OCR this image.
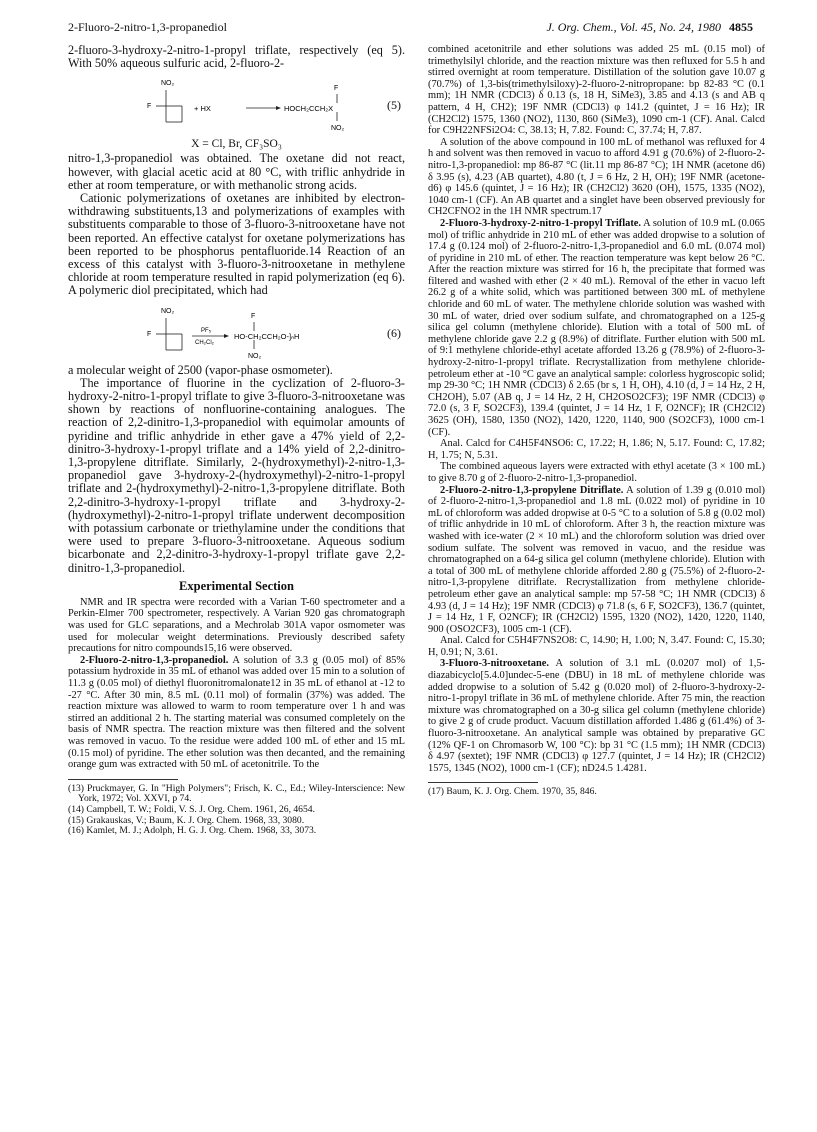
2-Fluoro-2-nitro-1,3-propanediol	J. Org. Chem., Vol. 45, No. 24, 1980 4855

2-fluoro-3-hydroxy-2-nitro-1-propyl triflate, respectively (eq 5). With 50% aqueous sulfuric acid, 2-fluoro-2-

NO₂
F	+ HX	HOCH₂CCH₂X
F
NO₂
(5)
X = Cl, Br, CF₃SO₃

nitro-1,3-propanediol was obtained. The oxetane did not react, however, with glacial acetic acid at 80 °C, with triflic anhydride in ether at room temperature, or with methanolic strong acids.

Cationic polymerizations of oxetanes are inhibited by electron-withdrawing substituents,13 and polymerizations of examples with substituents comparable to those of 3-fluoro-3-nitrooxetane have not been reported. An effective catalyst for oxetane polymerizations has been reported to be phosphorus pentafluoride.14 Reaction of an excess of this catalyst with 3-fluoro-3-nitrooxetane in methylene chloride at room temperature resulted in rapid polymerization (eq 6). A polymeric diol precipitated, which had

NO₂
F	PF₅
CH₂Cl₂
HO-CH₂CCH₂O-]ₙH
F
NO₂
(6)

a molecular weight of 2500 (vapor-phase osmometer).

The importance of fluorine in the cyclization of 2-fluoro-3-hydroxy-2-nitro-1-propyl triflate to give 3-fluoro-3-nitrooxetane was shown by reactions of nonfluorine-containing analogues. The reaction of 2,2-dinitro-1,3-propanediol with equimolar amounts of pyridine and triflic anhydride in ether gave a 47% yield of 2,2-dinitro-3-hydroxy-1-propyl triflate and a 14% yield of 2,2-dinitro-1,3-propylene ditriflate. Similarly, 2-(hydroxymethyl)-2-nitro-1,3-propanediol gave 3-hydroxy-2-(hydroxymethyl)-2-nitro-1-propyl triflate and 2-(hydroxymethyl)-2-nitro-1,3-propylene ditriflate. Both 2,2-dinitro-3-hydroxy-1-propyl triflate and 3-hydroxy-2-(hydroxymethyl)-2-nitro-1-propyl triflate underwent decomposition with potassium carbonate or triethylamine under the conditions that were used to prepare 3-fluoro-3-nitrooxetane. Aqueous sodium bicarbonate and 2,2-dinitro-3-hydroxy-1-propyl triflate gave 2,2-dinitro-1,3-propanediol.

Experimental Section

NMR and IR spectra were recorded with a Varian T-60 spectrometer and a Perkin-Elmer 700 spectrometer, respectively. A Varian 920 gas chromatograph was used for GLC separations, and a Mechrolab 301A vapor osmometer was used for molecular weight determinations. Previously described safety precautions for nitro compounds15,16 were observed.

2-Fluoro-2-nitro-1,3-propanediol. A solution of 3.3 g (0.05 mol) of 85% potassium hydroxide in 35 mL of ethanol was added over 15 min to a solution of 11.3 g (0.05 mol) of diethyl fluoronitromalonate12 in 35 mL of ethanol at -12 to -27 °C. After 30 min, 8.5 mL (0.11 mol) of formalin (37%) was added. The reaction mixture was allowed to warm to room temperature over 1 h and was stirred an additional 2 h. The starting material was consumed completely on the basis of NMR spectra. The reaction mixture was then filtered and the solvent was removed in vacuo. To the residue were added 100 mL of ether and 15 mL (0.15 mol) of pyridine. The ether solution was then decanted, and the remaining orange gum was extracted with 50 mL of acetonitrile. To the

(13) Pruckmayer, G. In "High Polymers"; Frisch, K. C., Ed.; Wiley-Interscience: New York, 1972; Vol. XXVI, p 74.

(14) Campbell, T. W.; Foldi, V. S. J. Org. Chem. 1961, 26, 4654.

(15) Grakauskas, V.; Baum, K. J. Org. Chem. 1968, 33, 3080.

(16) Kamlet, M. J.; Adolph, H. G. J. Org. Chem. 1968, 33, 3073.

combined acetonitrile and ether solutions was added 25 mL (0.15 mol) of trimethylsilyl chloride, and the reaction mixture was then refluxed for 5.5 h and stirred overnight at room temperature. Distillation of the solution gave 10.07 g (70.7%) of 1,3-bis(trimethylsiloxy)-2-fluoro-2-nitropropane: bp 82-83 °C (0.1 mm); 1H NMR (CDCl3) δ 0.13 (s, 18 H, SiMe3), 3.85 and 4.13 (s and AB q pattern, 4 H, CH2); 19F NMR (CDCl3) φ 141.2 (quintet, J = 16 Hz); IR (CH2Cl2) 1575, 1360 (NO2), 1130, 860 (SiMe3), 1090 cm-1 (CF). Anal. Calcd for C9H22NFSi2O4: C, 38.13; H, 7.82. Found: C, 37.74; H, 7.87.

A solution of the above compound in 100 mL of methanol was refluxed for 4 h and solvent was then removed in vacuo to afford 4.91 g (70.6%) of 2-fluoro-2-nitro-1,3-propanediol: mp 86-87 °C (lit.11 mp 86-87 °C); 1H NMR (acetone d6) δ 3.95 (s), 4.23 (AB quartet), 4.80 (t, J = 6 Hz, 2 H, OH); 19F NMR (acetone-d6) φ 145.6 (quintet, J = 16 Hz); IR (CH2Cl2) 3620 (OH), 1575, 1335 (NO2), 1040 cm-1 (CF). An AB quartet and a singlet have been observed previously for CH2CFNO2 in the 1H NMR spectrum.17

2-Fluoro-3-hydroxy-2-nitro-1-propyl Triflate. A solution of 10.9 mL (0.065 mol) of triflic anhydride in 210 mL of ether was added dropwise to a solution of 17.4 g (0.124 mol) of 2-fluoro-2-nitro-1,3-propanediol and 6.0 mL (0.074 mol) of pyridine in 210 mL of ether. The reaction temperature was kept below 26 °C. After the reaction mixture was stirred for 16 h, the precipitate that formed was filtered and washed with ether (2 × 40 mL). Removal of the ether in vacuo left 26.2 g of a white solid, which was partitioned between 300 mL of methylene chloride and 60 mL of water. The methylene chloride solution was washed with 30 mL of water, dried over sodium sulfate, and chromatographed on a 125-g silica gel column (methylene chloride). Elution with a total of 500 mL of methylene chloride gave 2.2 g (8.9%) of ditriflate. Further elution with 500 mL of 9:1 methylene chloride-ethyl acetate afforded 13.26 g (78.9%) of 2-fluoro-3-hydroxy-2-nitro-1-propyl triflate. Recrystallization from methylene chloride-petroleum ether at -10 °C gave an analytical sample: colorless hygroscopic solid; mp 29-30 °C; 1H NMR (CDCl3) δ 2.65 (br s, 1 H, OH), 4.10 (d, J = 14 Hz, 2 H, CH2OH), 5.07 (AB q, J = 14 Hz, 2 H, CH2OSO2CF3); 19F NMR (CDCl3) φ 72.0 (s, 3 F, SO2CF3), 139.4 (quintet, J = 14 Hz, 1 F, O2NCF); IR (CH2Cl2) 3625 (OH), 1580, 1350 (NO2), 1420, 1220, 1140, 900 (SO2CF3), 1000 cm-1 (CF).

Anal. Calcd for C4H5F4NSO6: C, 17.22; H, 1.86; N, 5.17. Found: C, 17.82; H, 1.75; N, 5.31.

The combined aqueous layers were extracted with ethyl acetate (3 × 100 mL) to give 8.70 g of 2-fluoro-2-nitro-1,3-propanediol.

2-Fluoro-2-nitro-1,3-propylene Ditriflate. A solution of 1.39 g (0.010 mol) of 2-fluoro-2-nitro-1,3-propanediol and 1.8 mL (0.022 mol) of pyridine in 10 mL of chloroform was added dropwise at 0-5 °C to a solution of 5.8 g (0.02 mol) of triflic anhydride in 10 mL of chloroform. After 3 h, the reaction mixture was washed with ice-water (2 × 10 mL) and the chloroform solution was dried over sodium sulfate. The solvent was removed in vacuo, and the residue was chromatographed on a 64-g silica gel column (methylene chloride). Elution with a total of 300 mL of methylene chloride afforded 2.80 g (75.5%) of 2-fluoro-2-nitro-1,3-propylene ditriflate. Recrystallization from methylene chloride-petroleum ether gave an analytical sample: mp 57-58 °C; 1H NMR (CDCl3) δ 4.93 (d, J = 14 Hz); 19F NMR (CDCl3) φ 71.8 (s, 6 F, SO2CF3), 136.7 (quintet, J = 14 Hz, 1 F, O2NCF); IR (CH2Cl2) 1595, 1320 (NO2), 1420, 1220, 1140, 900 (OSO2CF3), 1005 cm-1 (CF).

Anal. Calcd for C5H4F7NS2O8: C, 14.90; H, 1.00; N, 3.47. Found: C, 15.30; H, 0.91; N, 3.61.

3-Fluoro-3-nitrooxetane. A solution of 3.1 mL (0.0207 mol) of 1,5-diazabicyclo[5.4.0]undec-5-ene (DBU) in 18 mL of methylene chloride was added dropwise to a solution of 5.42 g (0.020 mol) of 2-fluoro-3-hydroxy-2-nitro-1-propyl triflate in 36 mL of methylene chloride. After 75 min, the reaction mixture was chromatographed on a 30-g silica gel column (methylene chloride) to give 2 g of crude product. Vacuum distillation afforded 1.486 g (61.4%) of 3-fluoro-3-nitrooxetane. An analytical sample was obtained by preparative GC (12% QF-1 on Chromasorb W, 100 °C): bp 31 °C (1.5 mm); 1H NMR (CDCl3) δ 4.97 (sextet); 19F NMR (CDCl3) φ 127.7 (quintet, J = 14 Hz); IR (CH2Cl2) 1575, 1345 (NO2), 1000 cm-1 (CF); nD24.5 1.4281.

(17) Baum, K. J. Org. Chem. 1970, 35, 846.
